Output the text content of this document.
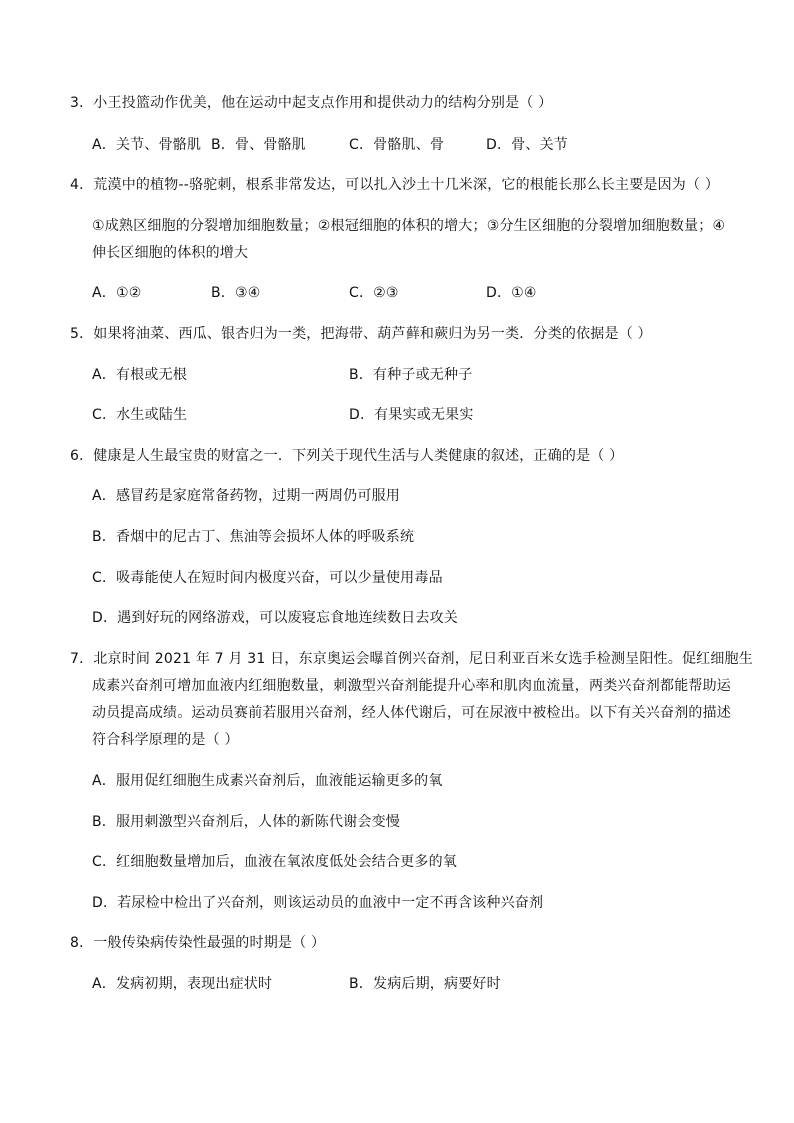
3．小王投篮动作优美，他在运动中起支点作用和提供动力的结构分别是（ ）
A．关节、骨骼肌 B．骨、骨骼肌	C．骨骼肌、骨	D．骨、关节
4．荒漠中的植物--骆驼刺，根系非常发达，可以扎入沙土十几米深，它的根能长那么长主要是因为（ ）
①成熟区细胞的分裂增加细胞数量；②根冠细胞的体积的增大；③分生区细胞的分裂增加细胞数量；④
伸长区细胞的体积的增大
A．①②	B．③④	C．②③	D．①④
5．如果将油菜、西瓜、银杏归为一类，把海带、葫芦藓和蕨归为另一类．分类的依据是（ ）
A．有根或无根	B．有种子或无种子
C．水生或陆生	D．有果实或无果实
6．健康是人生最宝贵的财富之一．下列关于现代生活与人类健康的叙述，正确的是（ ）
A．感冒药是家庭常备药物，过期一两周仍可服用
B．香烟中的尼古丁、焦油等会损坏人体的呼吸系统
C．吸毒能使人在短时间内极度兴奋，可以少量使用毒品
D．遇到好玩的网络游戏，可以废寝忘食地连续数日去攻关
7．北京时间 2021 年 7 月 31 日，东京奥运会曝首例兴奋剂，尼日利亚百米女选手检测呈阳性。促红细胞生
成素兴奋剂可增加血液内红细胞数量，刺激型兴奋剂能提升心率和肌肉血流量，两类兴奋剂都能帮助运
动员提高成绩。运动员赛前若服用兴奋剂，经人体代谢后，可在尿液中被检出。以下有关兴奋剂的描述
符合科学原理的是（ ）
A．服用促红细胞生成素兴奋剂后，血液能运输更多的氧
B．服用刺激型兴奋剂后，人体的新陈代谢会变慢
C．红细胞数量增加后，血液在氧浓度低处会结合更多的氧
D．若尿检中检出了兴奋剂，则该运动员的血液中一定不再含该种兴奋剂
8．一般传染病传染性最强的时期是（ ）
A．发病初期，表现出症状时	B．发病后期，病要好时
